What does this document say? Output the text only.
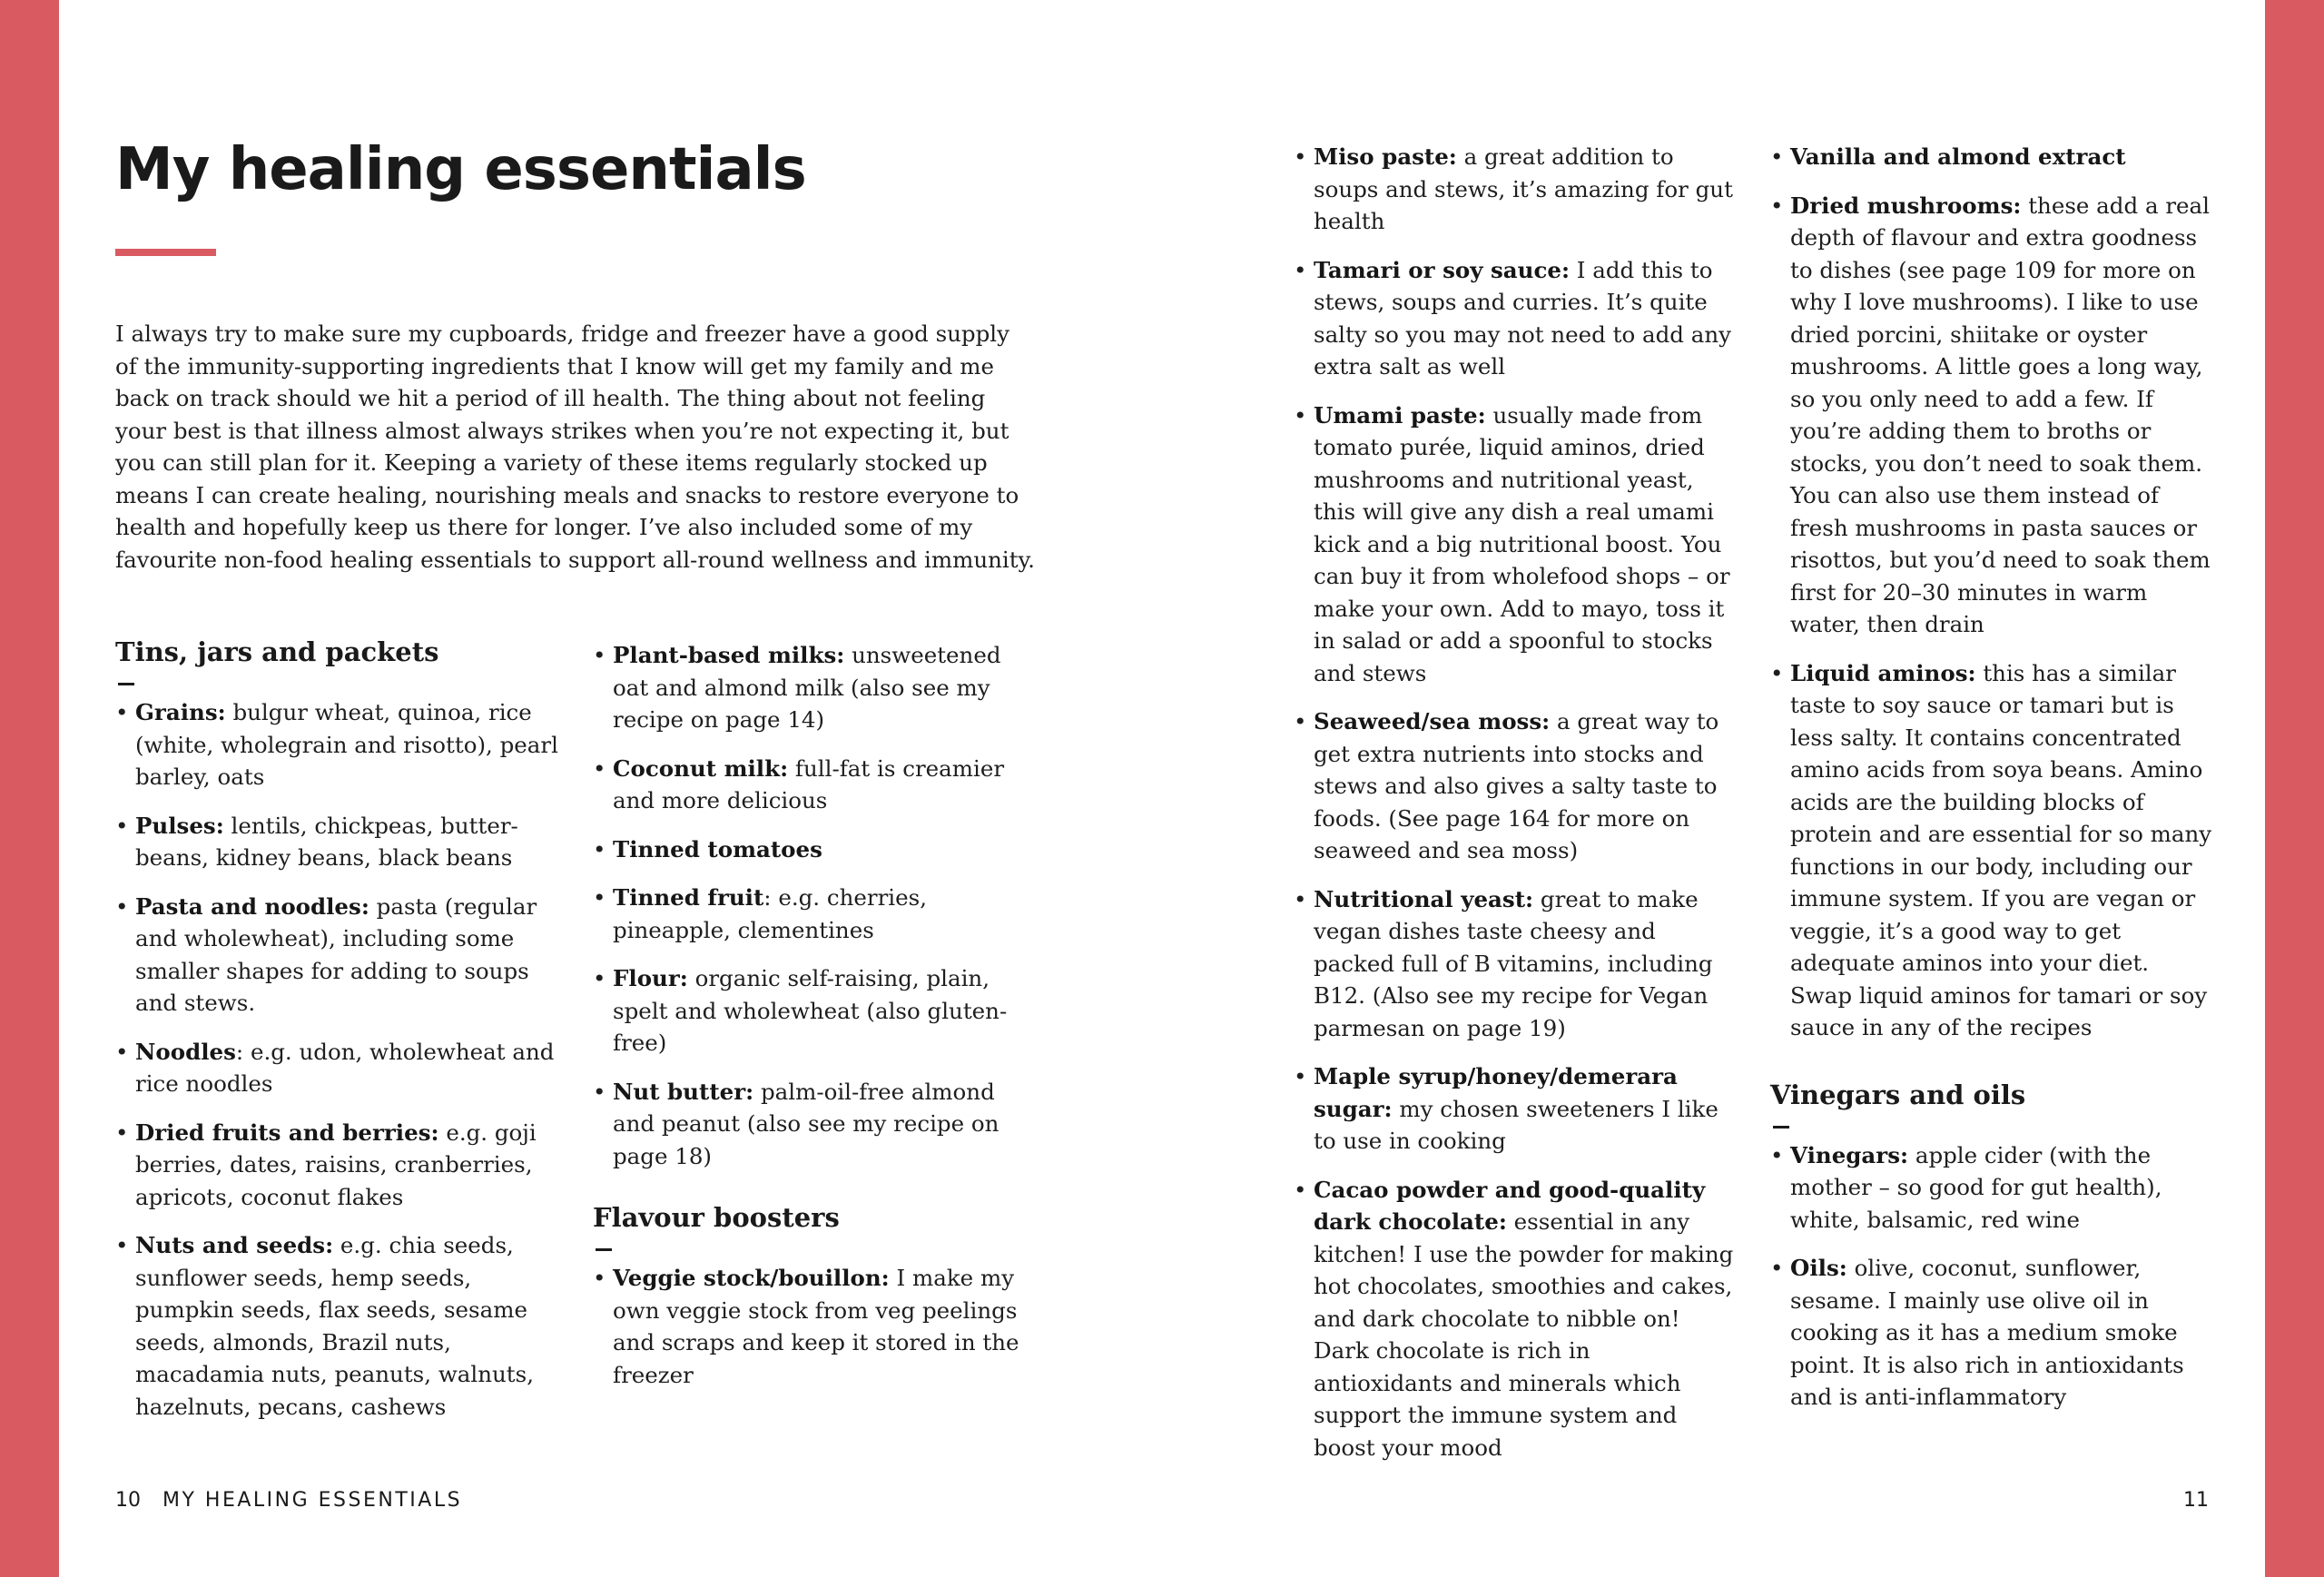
My healing essentials

I always try to make sure my cupboards, fridge and freezer have a good supply of the immunity-supporting ingredients that I know will get my family and me back on track should we hit a period of ill health. The thing about not feeling your best is that illness almost always strikes when you’re not expecting it, but you can still plan for it. Keeping a variety of these items regularly stocked up means I can create healing, nourishing meals and snacks to restore everyone to health and hopefully keep us there for longer. I’ve also included some of my favourite non-food healing essentials to support all-round wellness and immunity.

Tins, jars and packets
• Grains: bulgur wheat, quinoa, rice (white, wholegrain and risotto), pearl barley, oats
• Pulses: lentils, chickpeas, butter-beans, kidney beans, black beans
• Pasta and noodles: pasta (regular and wholewheat), including some smaller shapes for adding to soups and stews.
• Noodles: e.g. udon, wholewheat and rice noodles
• Dried fruits and berries: e.g. goji berries, dates, raisins, cranberries, apricots, coconut flakes
• Nuts and seeds: e.g. chia seeds, sunflower seeds, hemp seeds, pumpkin seeds, flax seeds, sesame seeds, almonds, Brazil nuts, macadamia nuts, peanuts, walnuts, hazelnuts, pecans, cashews
• Plant-based milks: unsweetened oat and almond milk (also see my recipe on page 14)
• Coconut milk: full-fat is creamier and more delicious
• Tinned tomatoes
• Tinned fruit: e.g. cherries, pineapple, clementines
• Flour: organic self-raising, plain, spelt and wholewheat (also gluten-free)
• Nut butter: palm-oil-free almond and peanut (also see my recipe on page 18)
Flavour boosters
• Veggie stock/bouillon: I make my own veggie stock from veg peelings and scraps and keep it stored in the freezer
• Miso paste: a great addition to soups and stews, it’s amazing for gut health
• Tamari or soy sauce: I add this to stews, soups and curries. It’s quite salty so you may not need to add any extra salt as well
• Umami paste: usually made from tomato purée, liquid aminos, dried mushrooms and nutritional yeast, this will give any dish a real umami kick and a big nutritional boost. You can buy it from wholefood shops – or make your own. Add to mayo, toss it in salad or add a spoonful to stocks and stews
• Seaweed/sea moss: a great way to get extra nutrients into stocks and stews and also gives a salty taste to foods. (See page 164 for more on seaweed and sea moss)
• Nutritional yeast: great to make vegan dishes taste cheesy and packed full of B vitamins, including B12. (Also see my recipe for Vegan parmesan on page 19)
• Maple syrup/honey/demerara sugar: my chosen sweeteners I like to use in cooking
• Cacao powder and good-quality dark chocolate: essential in any kitchen! I use the powder for making hot chocolates, smoothies and cakes, and dark chocolate to nibble on! Dark chocolate is rich in antioxidants and minerals which support the immune system and boost your mood
• Vanilla and almond extract
• Dried mushrooms: these add a real depth of flavour and extra goodness to dishes (see page 109 for more on why I love mushrooms). I like to use dried porcini, shiitake or oyster mushrooms. A little goes a long way, so you only need to add a few. If you’re adding them to broths or stocks, you don’t need to soak them. You can also use them instead of fresh mushrooms in pasta sauces or risottos, but you’d need to soak them first for 20–30 minutes in warm water, then drain
• Liquid aminos: this has a similar taste to soy sauce or tamari but is less salty. It contains concentrated amino acids from soya beans. Amino acids are the building blocks of protein and are essential for so many functions in our body, including our immune system. If you are vegan or veggie, it’s a good way to get adequate aminos into your diet. Swap liquid aminos for tamari or soy sauce in any of the recipes
Vinegars and oils
• Vinegars: apple cider (with the mother – so good for gut health), white, balsamic, red wine
• Oils: olive, coconut, sunflower, sesame. I mainly use olive oil in cooking as it has a medium smoke point. It is also rich in antioxidants and is anti-inflammatory
10 MY HEALING ESSENTIALS	11
